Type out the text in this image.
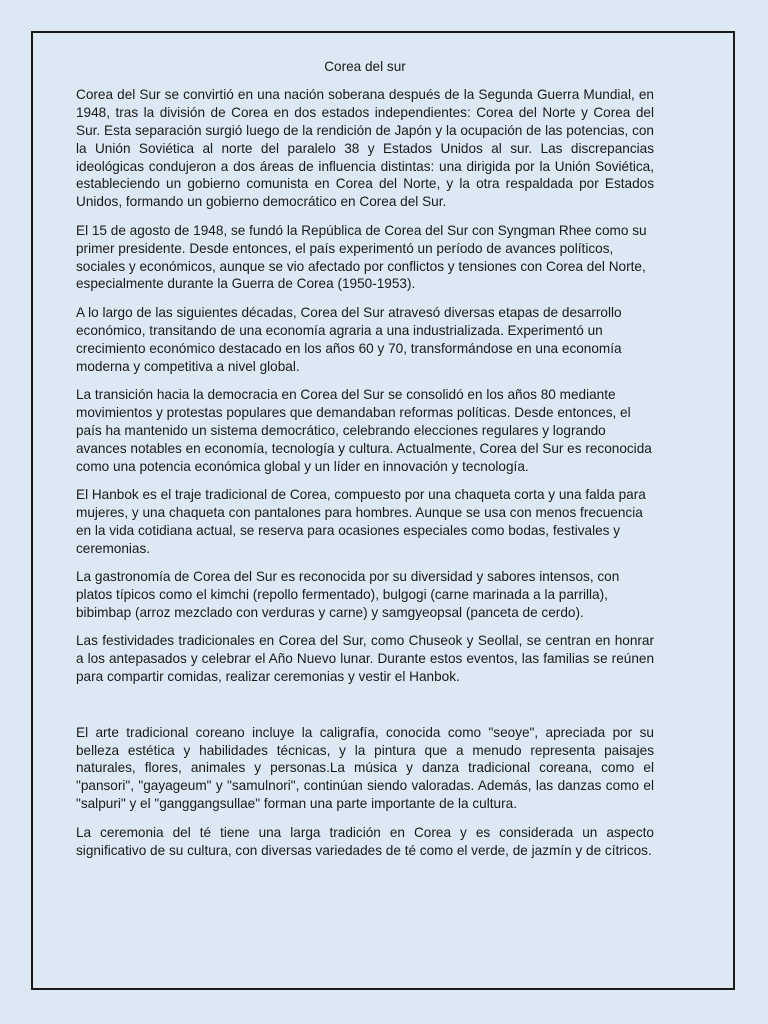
Corea del sur

Corea del Sur se convirtió en una nación soberana después de la Segunda Guerra Mundial, en 1948, tras la división de Corea en dos estados independientes: Corea del Norte y Corea del Sur. Esta separación surgió luego de la rendición de Japón y la ocupación de las potencias, con la Unión Soviética al norte del paralelo 38 y Estados Unidos al sur. Las discrepancias ideológicas condujeron a dos áreas de influencia distintas: una dirigida por la Unión Soviética, estableciendo un gobierno comunista en Corea del Norte, y la otra respaldada por Estados Unidos, formando un gobierno democrático en Corea del Sur.

El 15 de agosto de 1948, se fundó la República de Corea del Sur con Syngman Rhee como su primer presidente. Desde entonces, el país experimentó un período de avances políticos, sociales y económicos, aunque se vio afectado por conflictos y tensiones con Corea del Norte, especialmente durante la Guerra de Corea (1950-1953).

A lo largo de las siguientes décadas, Corea del Sur atravesó diversas etapas de desarrollo económico, transitando de una economía agraria a una industrializada. Experimentó un crecimiento económico destacado en los años 60 y 70, transformándose en una economía moderna y competitiva a nivel global.

La transición hacia la democracia en Corea del Sur se consolidó en los años 80 mediante movimientos y protestas populares que demandaban reformas políticas. Desde entonces, el país ha mantenido un sistema democrático, celebrando elecciones regulares y logrando avances notables en economía, tecnología y cultura. Actualmente, Corea del Sur es reconocida como una potencia económica global y un líder en innovación y tecnología.

El Hanbok es el traje tradicional de Corea, compuesto por una chaqueta corta y una falda para mujeres, y una chaqueta con pantalones para hombres. Aunque se usa con menos frecuencia en la vida cotidiana actual, se reserva para ocasiones especiales como bodas, festivales y ceremonias.

La gastronomía de Corea del Sur es reconocida por su diversidad y sabores intensos, con platos típicos como el kimchi (repollo fermentado), bulgogi (carne marinada a la parrilla), bibimbap (arroz mezclado con verduras y carne) y samgyeopsal (panceta de cerdo).

Las festividades tradicionales en Corea del Sur, como Chuseok y Seollal, se centran en honrar a los antepasados y celebrar el Año Nuevo lunar. Durante estos eventos, las familias se reúnen para compartir comidas, realizar ceremonias y vestir el Hanbok.

El arte tradicional coreano incluye la caligrafía, conocida como "seoye", apreciada por su belleza estética y habilidades técnicas, y la pintura que a menudo representa paisajes naturales, flores, animales y personas.La música y danza tradicional coreana, como el "pansori", "gayageum" y "samulnori", continúan siendo valoradas. Además, las danzas como el "salpuri" y el "ganggangsullae" forman una parte importante de la cultura.

La ceremonia del té tiene una larga tradición en Corea y es considerada un aspecto significativo de su cultura, con diversas variedades de té como el verde, de jazmín y de cítricos.
